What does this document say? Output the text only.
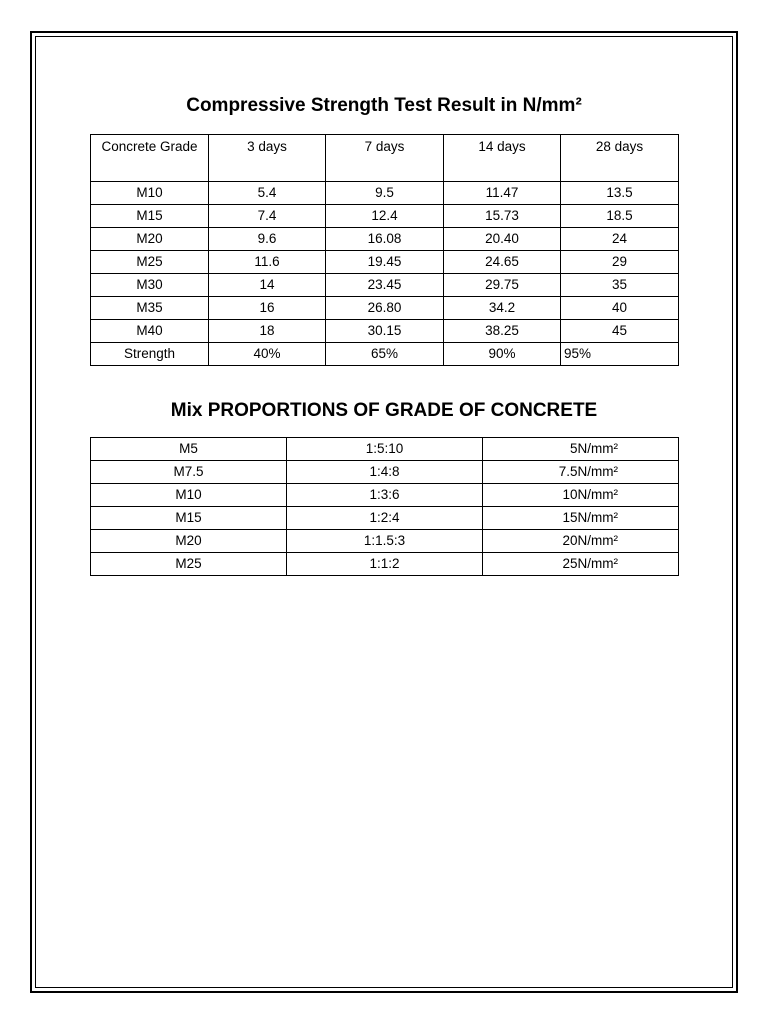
Compressive Strength Test Result in N/mm²
Concrete Grade	3 days	7 days	14 days	28 days
M10	5.4	9.5	11.47	13.5
M15	7.4	12.4	15.73	18.5
M20	9.6	16.08	20.40	24
M25	11.6	19.45	24.65	29
M30	14	23.45	29.75	35
M35	16	26.80	34.2	40
M40	18	30.15	38.25	45
Strength	40%	65%	90%	95%
Mix PROPORTIONS OF GRADE OF CONCRETE
M5	1:5:10	5N/mm²
M7.5	1:4:8	7.5N/mm²
M10	1:3:6	10N/mm²
M15	1:2:4	15N/mm²
M20	1:1.5:3	20N/mm²
M25	1:1:2	25N/mm²
